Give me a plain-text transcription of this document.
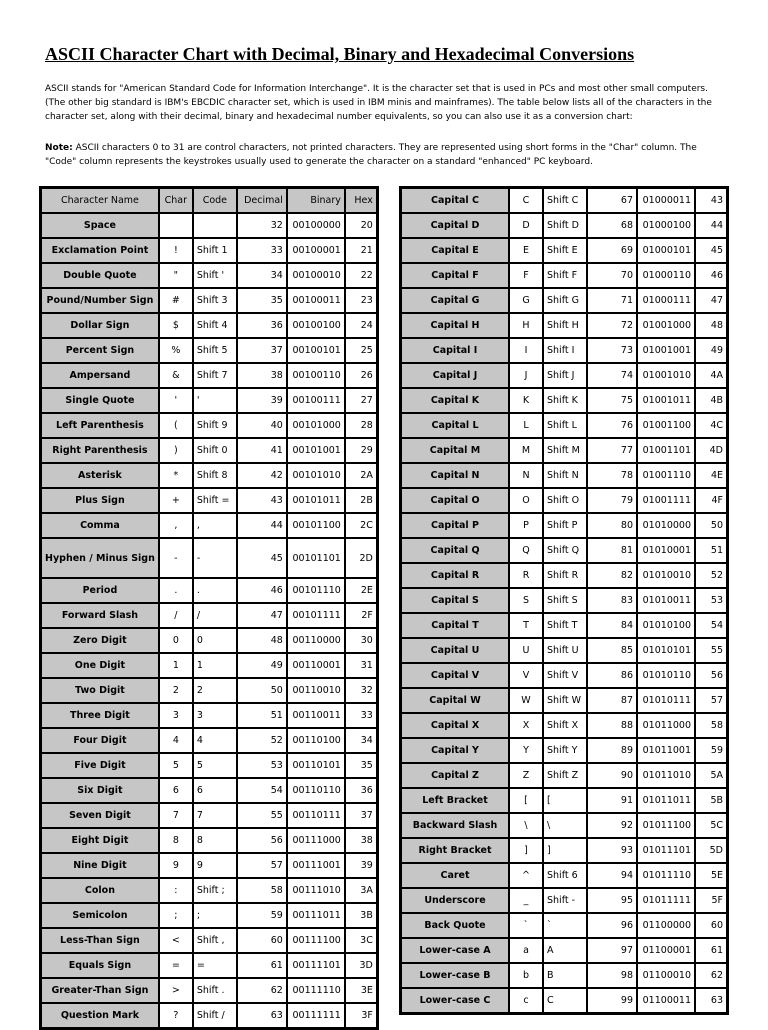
ASCII Character Chart with Decimal, Binary and Hexadecimal Conversions
ASCII stands for "American Standard Code for Information Interchange". It is the character set that is used in PCs and most other small computers. (The other big standard is IBM's EBCDIC character set, which is used in IBM minis and mainframes). The table below lists all of the characters in the character set, along with their decimal, binary and hexadecimal number equivalents, so you can also use it as a conversion chart:
Note: ASCII characters 0 to 31 are control characters, not printed characters. They are represented using short forms in the "Char" column. The "Code" column represents the keystrokes usually used to generate the character on a standard "enhanced" PC keyboard.
Character Name	Char	Code	Decimal	Binary	Hex
Space			32	00100000	20
Exclamation Point	!	Shift 1	33	00100001	21
Double Quote	"	Shift '	34	00100010	22
Pound/Number Sign	#	Shift 3	35	00100011	23
Dollar Sign	$	Shift 4	36	00100100	24
Percent Sign	%	Shift 5	37	00100101	25
Ampersand	&	Shift 7	38	00100110	26
Single Quote	'	'	39	00100111	27
Left Parenthesis	(	Shift 9	40	00101000	28
Right Parenthesis	)	Shift 0	41	00101001	29
Asterisk	*	Shift 8	42	00101010	2A
Plus Sign	+	Shift =	43	00101011	2B
Comma	,	,	44	00101100	2C
Hyphen / Minus Sign	-	-	45	00101101	2D
Period	.	.	46	00101110	2E
Forward Slash	/	/	47	00101111	2F
Zero Digit	0	0	48	00110000	30
One Digit	1	1	49	00110001	31
Two Digit	2	2	50	00110010	32
Three Digit	3	3	51	00110011	33
Four Digit	4	4	52	00110100	34
Five Digit	5	5	53	00110101	35
Six Digit	6	6	54	00110110	36
Seven Digit	7	7	55	00110111	37
Eight Digit	8	8	56	00111000	38
Nine Digit	9	9	57	00111001	39
Colon	:	Shift ;	58	00111010	3A
Semicolon	;	;	59	00111011	3B
Less-Than Sign	<	Shift ,	60	00111100	3C
Equals Sign	=	=	61	00111101	3D
Greater-Than Sign	>	Shift .	62	00111110	3E
Question Mark	?	Shift /	63	00111111	3F
Capital C	C	Shift C	67	01000011	43
Capital D	D	Shift D	68	01000100	44
Capital E	E	Shift E	69	01000101	45
Capital F	F	Shift F	70	01000110	46
Capital G	G	Shift G	71	01000111	47
Capital H	H	Shift H	72	01001000	48
Capital I	I	Shift I	73	01001001	49
Capital J	J	Shift J	74	01001010	4A
Capital K	K	Shift K	75	01001011	4B
Capital L	L	Shift L	76	01001100	4C
Capital M	M	Shift M	77	01001101	4D
Capital N	N	Shift N	78	01001110	4E
Capital O	O	Shift O	79	01001111	4F
Capital P	P	Shift P	80	01010000	50
Capital Q	Q	Shift Q	81	01010001	51
Capital R	R	Shift R	82	01010010	52
Capital S	S	Shift S	83	01010011	53
Capital T	T	Shift T	84	01010100	54
Capital U	U	Shift U	85	01010101	55
Capital V	V	Shift V	86	01010110	56
Capital W	W	Shift W	87	01010111	57
Capital X	X	Shift X	88	01011000	58
Capital Y	Y	Shift Y	89	01011001	59
Capital Z	Z	Shift Z	90	01011010	5A
Left Bracket	[	[	91	01011011	5B
Backward Slash	\	\	92	01011100	5C
Right Bracket	]	]	93	01011101	5D
Caret	^	Shift 6	94	01011110	5E
Underscore	_	Shift -	95	01011111	5F
Back Quote	`	`	96	01100000	60
Lower-case A	a	A	97	01100001	61
Lower-case B	b	B	98	01100010	62
Lower-case C	c	C	99	01100011	63
